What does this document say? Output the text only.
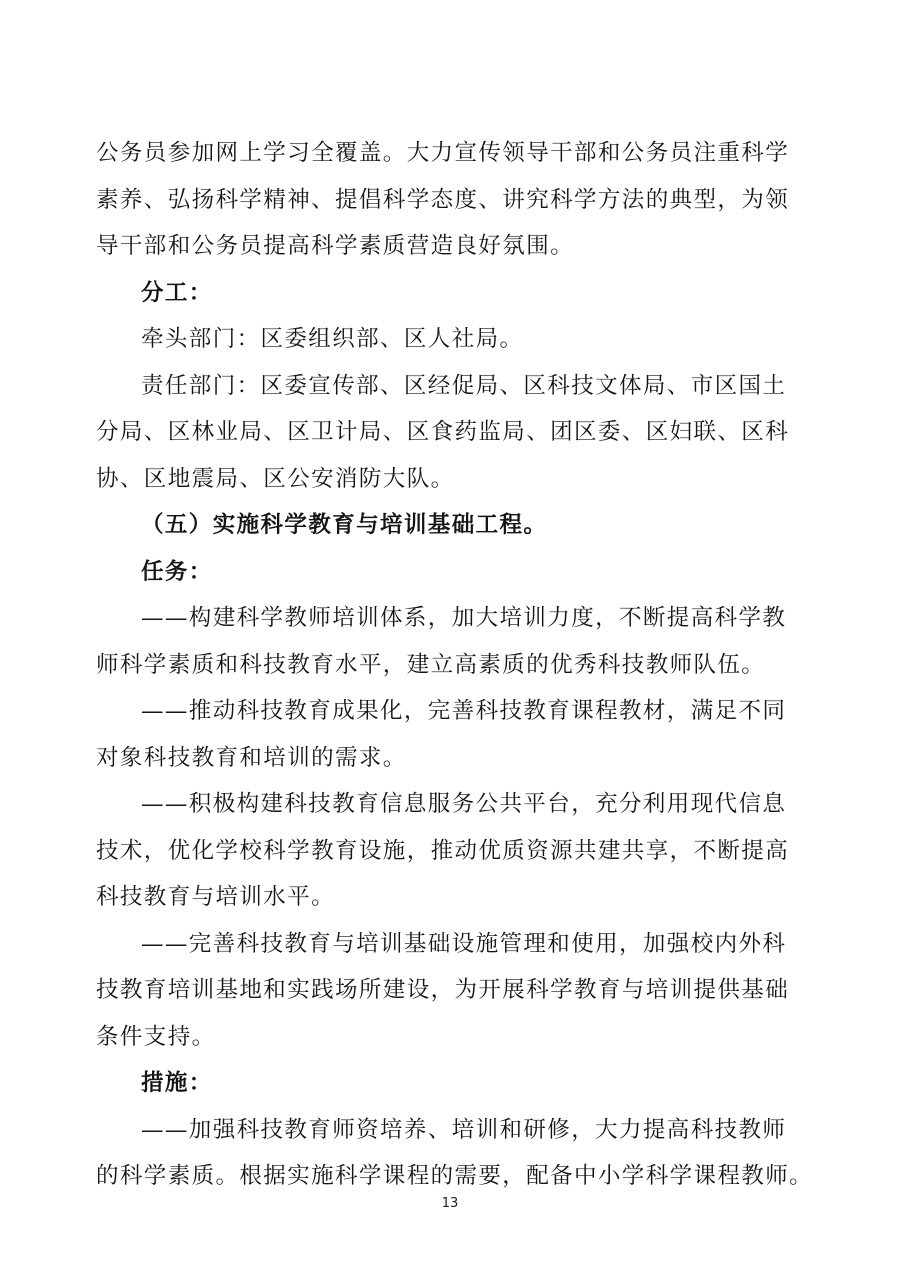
公务员参加网上学习全覆盖。大力宣传领导干部和公务员注重科学
素养、弘扬科学精神、提倡科学态度、讲究科学方法的典型，为领
导干部和公务员提高科学素质营造良好氛围。
分工：
牵头部门：区委组织部、区人社局。
责任部门：区委宣传部、区经促局、区科技文体局、市区国土
分局、区林业局、区卫计局、区食药监局、团区委、区妇联、区科
协、区地震局、区公安消防大队。
（五）实施科学教育与培训基础工程。
任务：
——构建科学教师培训体系，加大培训力度，不断提高科学教
师科学素质和科技教育水平，建立高素质的优秀科技教师队伍。
——推动科技教育成果化，完善科技教育课程教材，满足不同
对象科技教育和培训的需求。
——积极构建科技教育信息服务公共平台，充分利用现代信息
技术，优化学校科学教育设施，推动优质资源共建共享，不断提高
科技教育与培训水平。
——完善科技教育与培训基础设施管理和使用，加强校内外科
技教育培训基地和实践场所建设，为开展科学教育与培训提供基础
条件支持。
措施：
——加强科技教育师资培养、培训和研修，大力提高科技教师
的科学素质。根据实施科学课程的需要，配备中小学科学课程教师。
13
